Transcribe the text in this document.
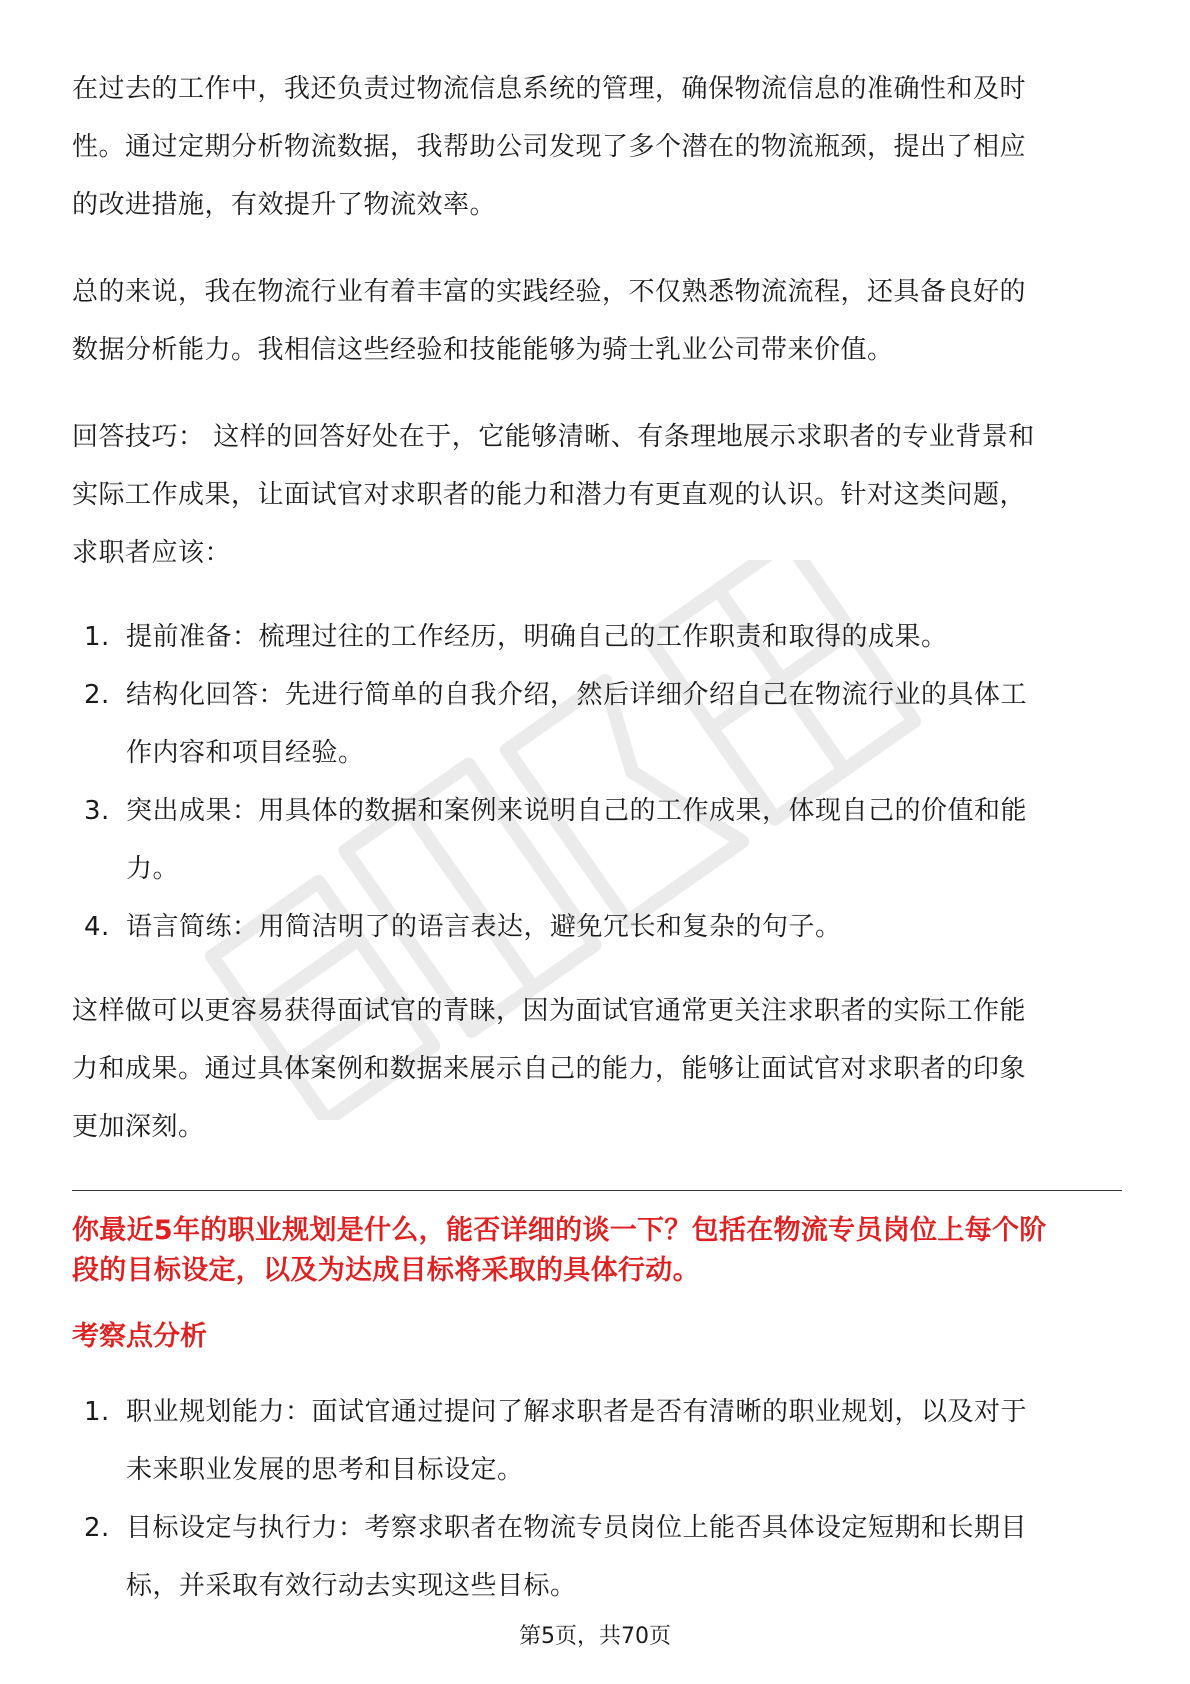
在过去的工作中，我还负责过物流信息系统的管理，确保物流信息的准确性和及时
性。通过定期分析物流数据，我帮助公司发现了多个潜在的物流瓶颈，提出了相应
的改进措施，有效提升了物流效率。

总的来说，我在物流行业有着丰富的实践经验，不仅熟悉物流流程，还具备良好的
数据分析能力。我相信这些经验和技能能够为骑士乳业公司带来价值。

回答技巧： 这样的回答好处在于，它能够清晰、有条理地展示求职者的专业背景和
实际工作成果，让面试官对求职者的能力和潜力有更直观的认识。针对这类问题，
求职者应该：

1. 提前准备：梳理过往的工作经历，明确自己的工作职责和取得的成果。
2. 结构化回答：先进行简单的自我介绍，然后详细介绍自己在物流行业的具体工
作内容和项目经验。
3. 突出成果：用具体的数据和案例来说明自己的工作成果，体现自己的价值和能
力。
4. 语言简练：用简洁明了的语言表达，避免冗长和复杂的句子。

这样做可以更容易获得面试官的青睐，因为面试官通常更关注求职者的实际工作能
力和成果。通过具体案例和数据来展示自己的能力，能够让面试官对求职者的印象
更加深刻。

你最近5年的职业规划是什么，能否详细的谈一下？包括在物流专员岗位上每个阶
段的目标设定，以及为达成目标将采取的具体行动。

考察点分析

1. 职业规划能力：面试官通过提问了解求职者是否有清晰的职业规划，以及对于
未来职业发展的思考和目标设定。
2. 目标设定与执行力：考察求职者在物流专员岗位上能否具体设定短期和长期目
标，并采取有效行动去实现这些目标。
第5页，共70页
